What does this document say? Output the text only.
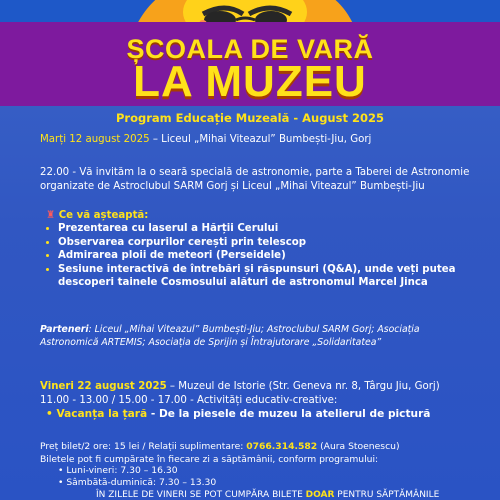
ȘCOALA DE VARĂ
LA MUZEU
Program Educație Muzeală - August 2025
Marți 12 august 2025 – Liceul „Mihai Viteazul” Bumbești-Jiu, Gorj
22.00 - Vă invităm la o seară specială de astronomie, parte a Taberei de Astronomie organizate de Astroclubul SARM Gorj și Liceul „Mihai Viteazul” Bumbești-Jiu
♜ Ce vă așteaptă:
• Prezentarea cu laserul a Hărții Cerului
• Observarea corpurilor cerești prin telescop
• Admirarea ploii de meteori (Perseidele)
• Sesiune interactivă de întrebări și răspunsuri (Q&A), unde veți putea descoperi tainele Cosmosului alături de astronomul Marcel Jinca
Parteneri: Liceul „Mihai Viteazul” Bumbești-Jiu; Astroclubul SARM Gorj; Asociația Astronomică ARTEMIS; Asociația de Sprijin și Întrajutorare „Solidaritatea”
Vineri 22 august 2025 – Muzeul de Istorie (Str. Geneva nr. 8, Târgu Jiu, Gorj)
11.00 - 13.00 / 15.00 - 17.00 - Activități educativ-creative:
• Vacanța la țară - De la piesele de muzeu la atelierul de pictură
Preț bilet/2 ore: 15 lei / Relații suplimentare: 0766.314.582 (Aura Stoenescu)
Biletele pot fi cumpărate în fiecare zi a săptămânii, conform programului:
• Luni-vineri: 7.30 – 16.30
• Sâmbătă-duminică: 7.30 – 13.30
ÎN ZILELE DE VINERI SE POT CUMPĂRA BILETE DOAR PENTRU SĂPTĂMÂNILE
